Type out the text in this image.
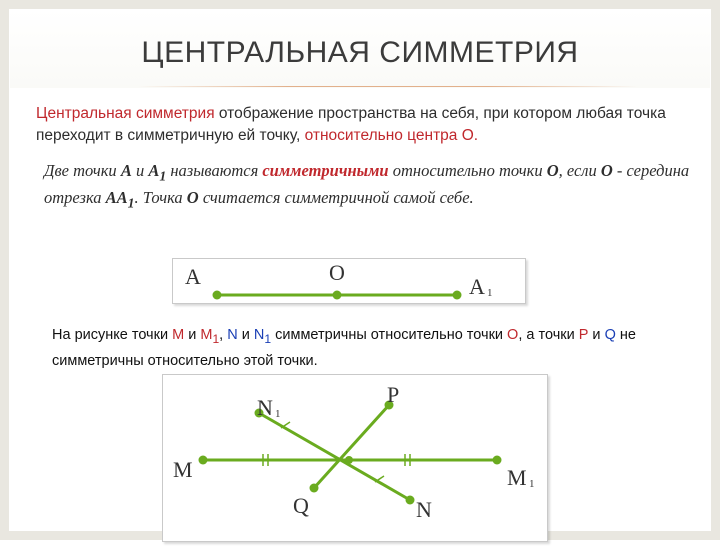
ЦЕНТРАЛЬНАЯ СИММЕТРИЯ
Центральная симметрия отображение пространства на себя, при котором любая точка переходит в симметричную ей точку, относительно центра О.
Две точки А и $А_1$ называются симметричными относительно точки О, если О - середина отрезка $АА_1$. Точка О считается симметричной самой себе.
A	O
A 1
На рисунке точки М и $М_1$, N и $N_1$ симметричны относительно точки О, а точки Р и Q не симметричны относительно этой точки.
M	M 1
N 1
P
Q	N
